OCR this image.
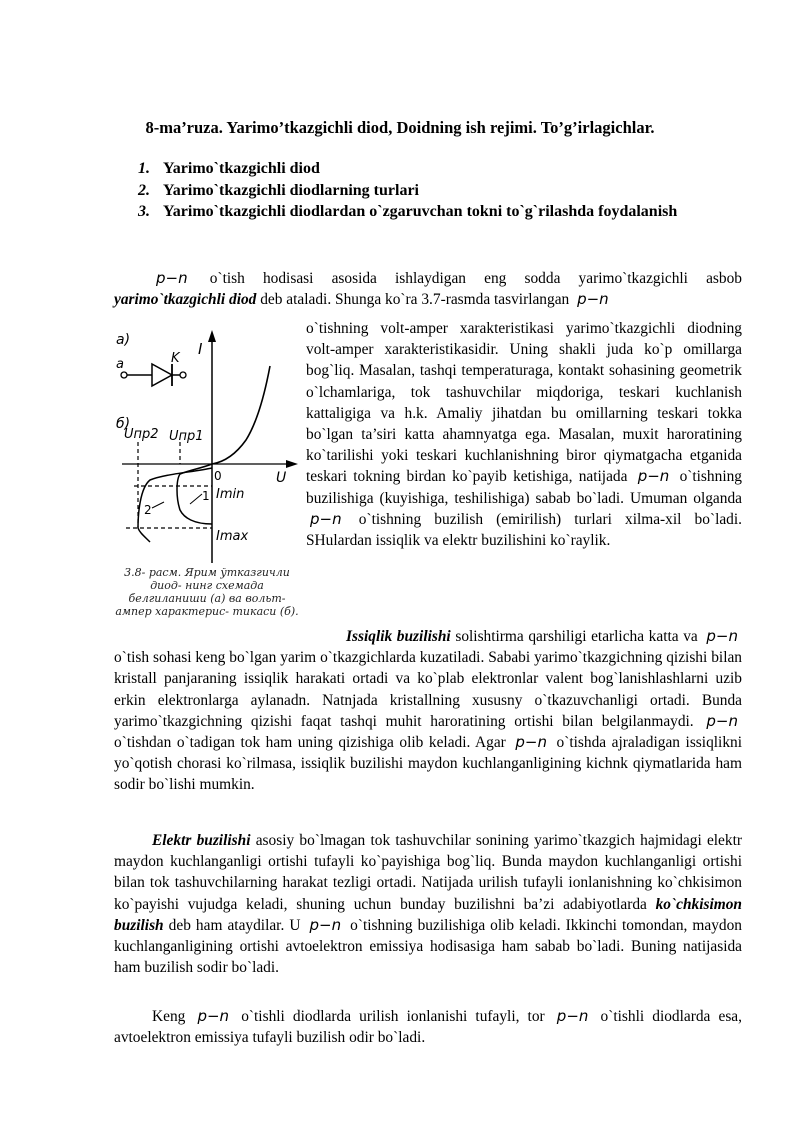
8-ma’ruza. Yarimo’tkazgichli diod, Doidning ish rejimi. To’g’irlagichlar.
1. Yarimo`tkazgichli diod
2. Yarimo`tkazgichli diodlarning turlari
3. Yarimo`tkazgichli diodlardan o`zgaruvchan tokni to`g`rilashda foydalanish
p−n o`tish hodisasi asosida ishlaydigan eng sodda yarimo`tkazgichli asbob yarimo`tkazgichli diod deb ataladi. Shunga ko`ra 3.7-rasmda tasvirlangan p−n
a)
a	K
I
U
0
б)
Uпр2 Uпр1
1
2
Imin
Imax
3.8- расм. Ярим ўтказгичли диод- нинг схемада белгиланиши (а) ва вольт-ампер характерис- тикаси (б).
o`tishning volt-amper xarakteristikasi yarimo`tkazgichli diodning volt-amper xarakteristikasidir. Uning shakli juda ko`p omillarga bog`liq. Masalan, tashqi temperaturaga, kontakt sohasining geometrik o`lchamlariga, tok tashuvchilar miqdoriga, teskari kuchlanish kattaligiga va h.k. Amaliy jihatdan bu omillarning teskari tokka bo`lgan ta’siri katta ahamnyatga ega. Masalan, muxit haroratining ko`tarilishi yoki teskari kuchlanishning biror qiymatgacha etganida teskari tokning birdan ko`payib ketishiga, natijada p−n o`tishning buzilishiga (kuyishiga, teshilishiga) sabab bo`ladi. Umuman olganda p−n o`tishning buzilish (emirilish) turlari xilma-xil bo`ladi. SHulardan issiqlik va elektr buzilishini ko`raylik.
Issiqlik buzilishi solishtirma qarshiligi etarlicha katta va p−n o`tish sohasi keng bo`lgan yarim o`tkazgichlarda kuzatiladi. Sababi yarimo`tkazgichning qizishi bilan kristall panjaraning issiqlik harakati ortadi va ko`plab elektronlar valent bog`lanishlashlarni uzib erkin elektronlarga aylanadn. Natnjada kristallning xususny o`tkazuvchanligi ortadi. Bunda yarimo`tkazgichning qizishi faqat tashqi muhit haroratining ortishi bilan belgilanmaydi. p−n o`tishdan o`tadigan tok ham uning qizishiga olib keladi. Agar p−n o`tishda ajraladigan issiqlikni yo`qotish chorasi ko`rilmasa, issiqlik buzilishi maydon kuchlanganligining kichnk qiymatlarida ham sodir bo`lishi mumkin.
Elektr buzilishi asosiy bo`lmagan tok tashuvchilar sonining yarimo`tkazgich hajmidagi elektr maydon kuchlanganligi ortishi tufayli ko`payishiga bog`liq. Bunda maydon kuchlanganligi ortishi bilan tok tashuvchilarning harakat tezligi ortadi. Natijada urilish tufayli ionlanishning ko`chkisimon ko`payishi vujudga keladi, shuning uchun bunday buzilishni ba’zi adabiyotlarda ko`chkisimon buzilish deb ham ataydilar. U p−n o`tishning buzilishiga olib keladi. Ikkinchi tomondan, maydon kuchlanganligining ortishi avtoelektron emissiya hodisasiga ham sabab bo`ladi. Buning natijasida ham buzilish sodir bo`ladi.
Keng p−n o`tishli diodlarda urilish ionlanishi tufayli, tor p−n o`tishli diodlarda esa, avtoelektron emissiya tufayli buzilish odir bo`ladi.
